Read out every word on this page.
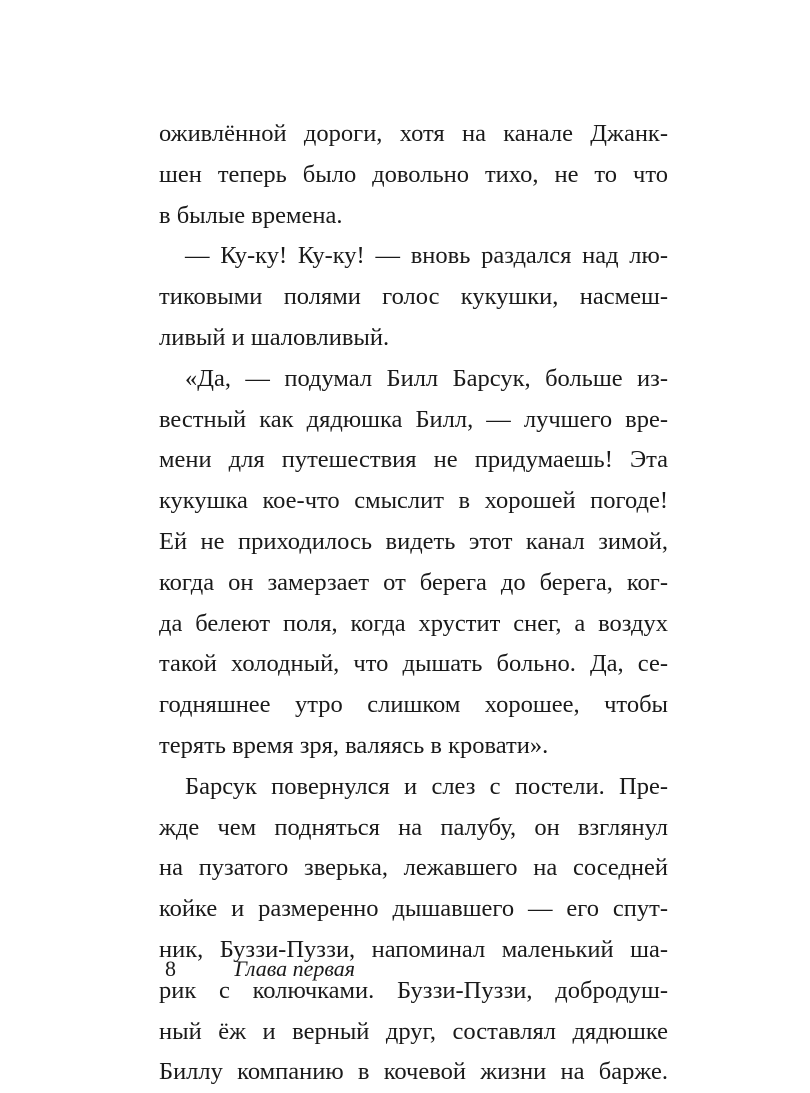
оживлённой дороги, хотя на канале Джанк-
шен теперь было довольно тихо, не то что
в былые времена.
— Ку-ку! Ку-ку! — вновь раздался над лю-
тиковыми полями голос кукушки, насмеш-
ливый и шаловливый.
«Да, — подумал Билл Барсук, больше из-
вестный как дядюшка Билл, — лучшего вре-
мени для путешествия не придумаешь! Эта
кукушка кое-что смыслит в хорошей погоде!
Ей не приходилось видеть этот канал зимой,
когда он замерзает от берега до берега, ког-
да белеют поля, когда хрустит снег, а воздух
такой холодный, что дышать больно. Да, се-
годняшнее утро слишком хорошее, чтобы
терять время зря, валяясь в кровати».
Барсук повернулся и слез с постели. Пре-
жде чем подняться на палубу, он взглянул
на пузатого зверька, лежавшего на соседней
койке и размеренно дышавшего — его спут-
ник, Буззи-Пуззи, напоминал маленький ша-
рик с колючками. Буззи-Пуззи, добродуш-
ный ёж и верный друг, составлял дядюшке
Биллу компанию в кочевой жизни на барже.
8	Глава первая
